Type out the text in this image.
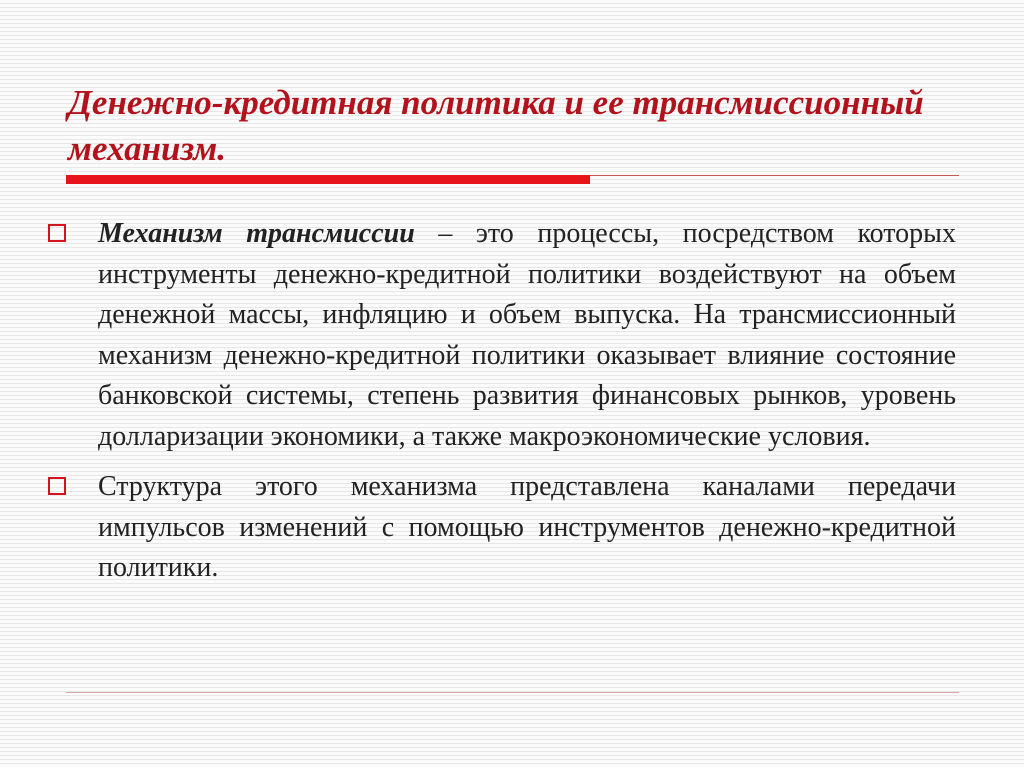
Денежно-кредитная политика и ее трансмиссионный механизм.
Механизм трансмиссии – это процессы, посредством которых инструменты денежно-кредитной политики воздействуют на объем денежной массы, инфляцию и объем выпуска. На трансмиссионный механизм денежно-кредитной политики оказывает влияние состояние банковской системы, степень развития финансовых рынков, уровень долларизации экономики, а также макроэкономические условия.
Структура этого механизма представлена каналами передачи импульсов изменений с помощью инструментов денежно-кредитной политики.
